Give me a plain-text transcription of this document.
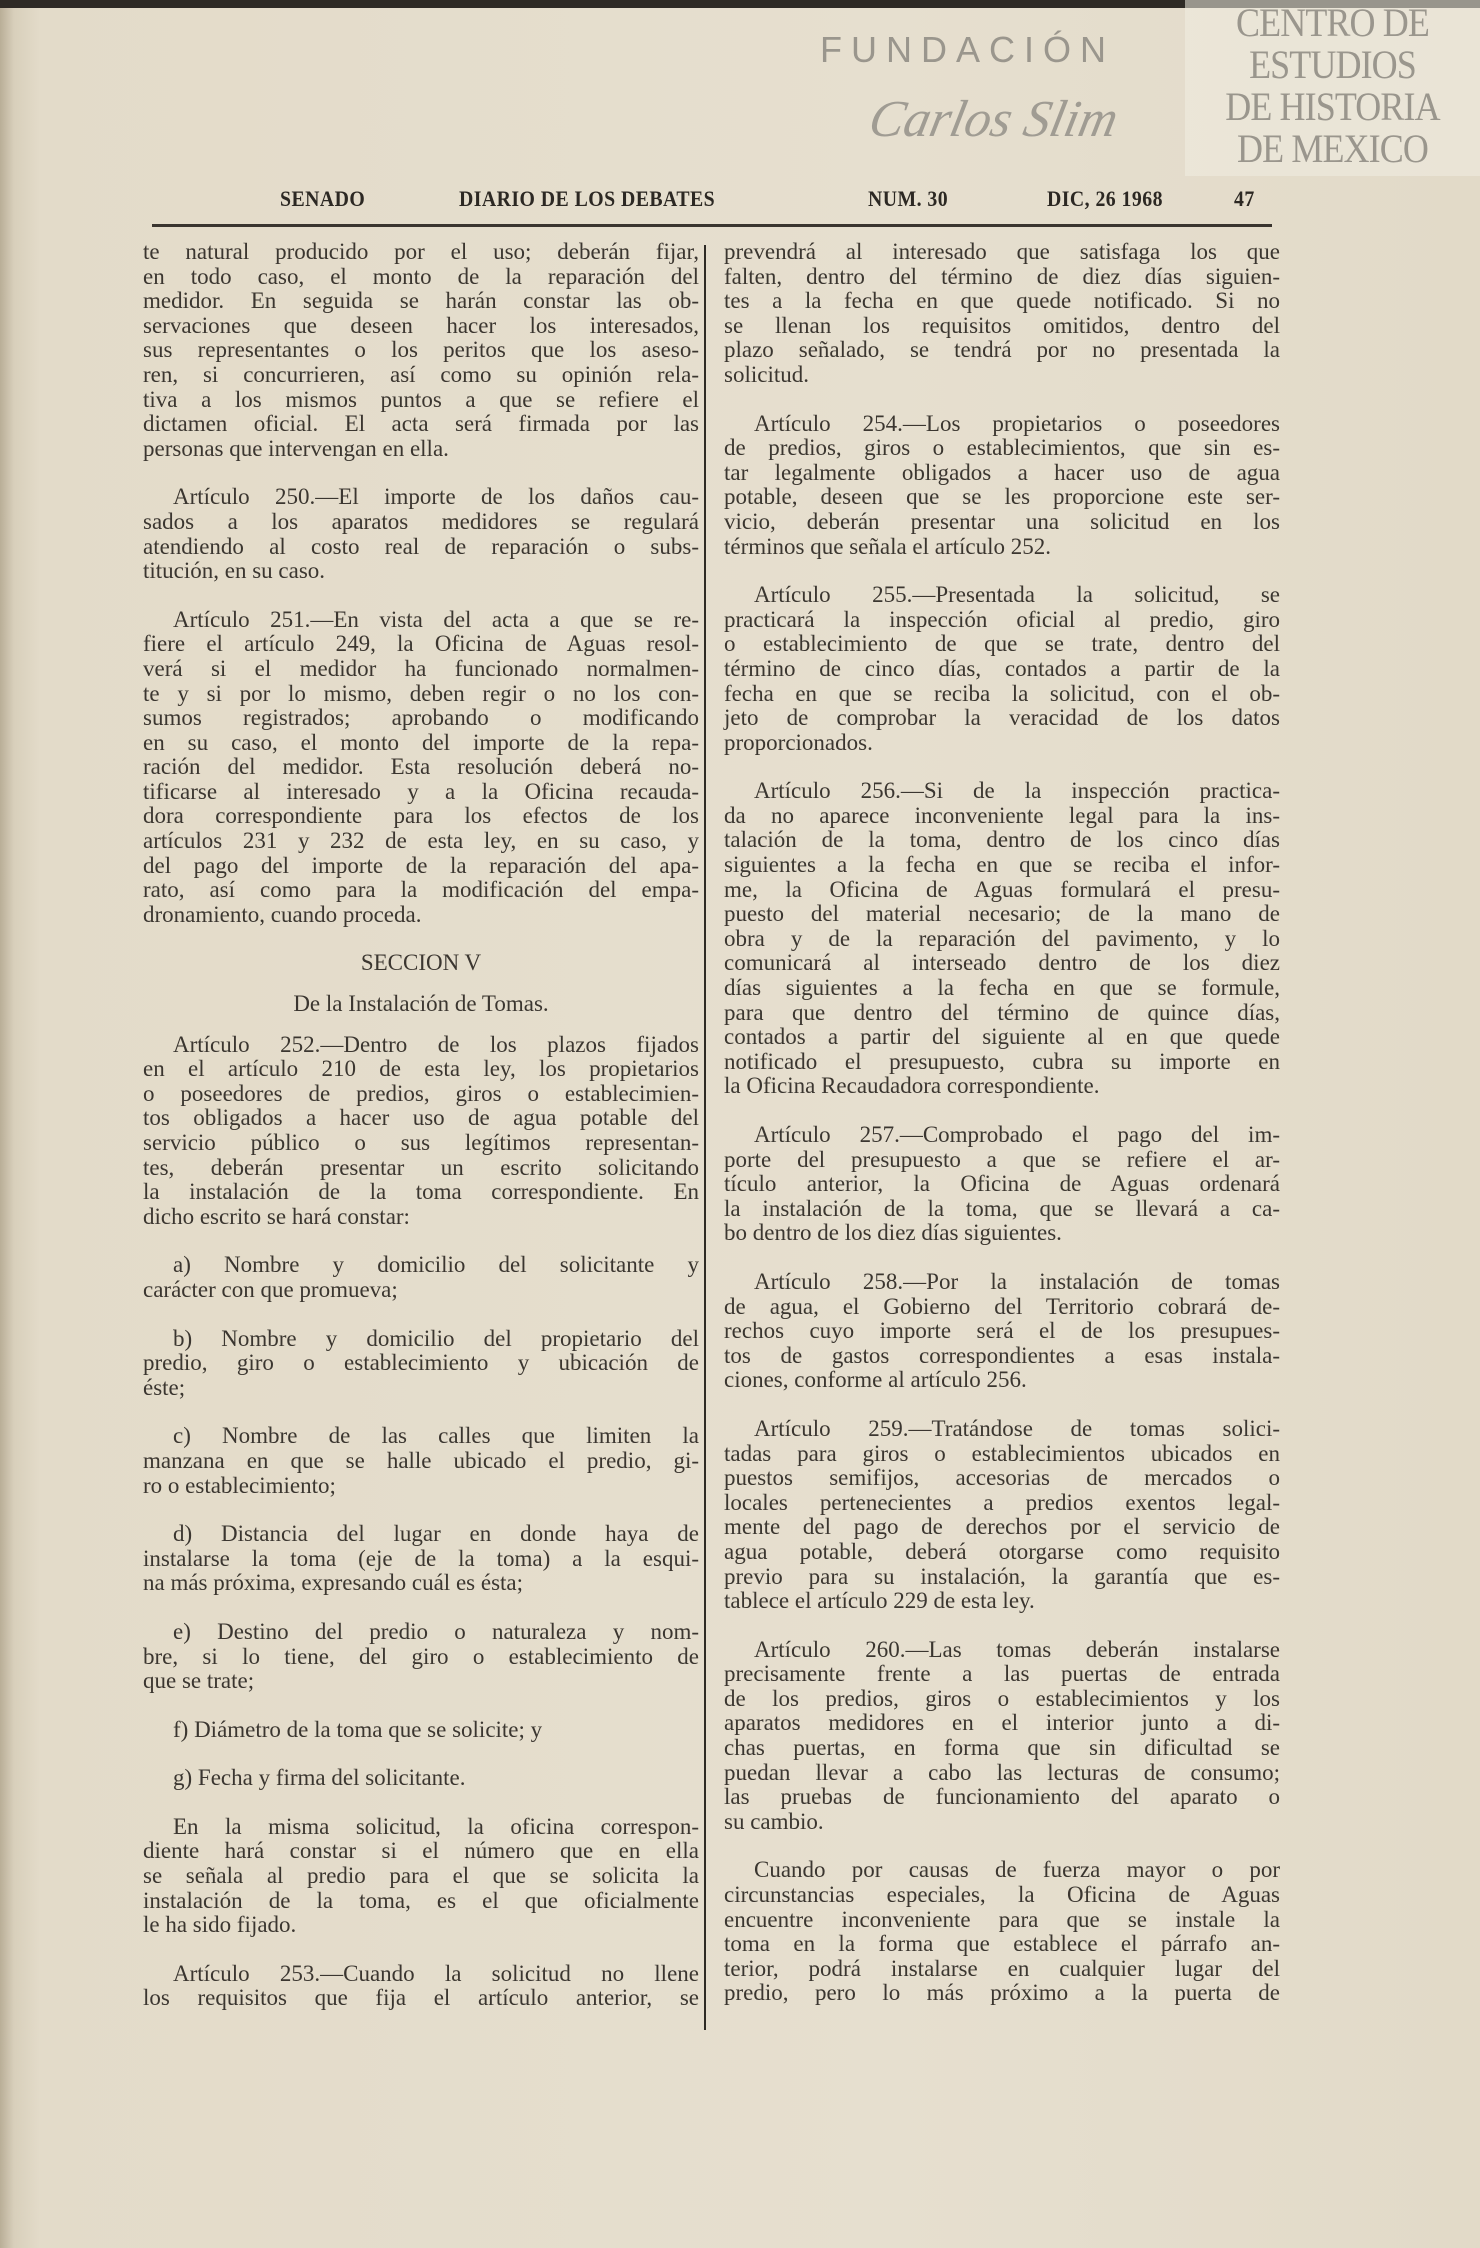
CENTRO DE
ESTUDIOS
DE HISTORIA
DE MEXICO
FUNDACIÓN
Carlos Slim
SENADO	DIARIO DE LOS DEBATES	NUM. 30	DIC, 26 1968	47
te natural producido por el uso; deberán fijar,
en todo caso, el monto de la reparación del
medidor. En seguida se harán constar las ob-
servaciones que deseen hacer los interesados,
sus representantes o los peritos que los aseso-
ren, si concurrieren, así como su opinión rela-
tiva a los mismos puntos a que se refiere el
dictamen oficial. El acta será firmada por las
personas que intervengan en ella.
Artículo 250.—El importe de los daños cau-
sados a los aparatos medidores se regulará
atendiendo al costo real de reparación o subs-
titución, en su caso.
Artículo 251.—En vista del acta a que se re-
fiere el artículo 249, la Oficina de Aguas resol-
verá si el medidor ha funcionado normalmen-
te y si por lo mismo, deben regir o no los con-
sumos registrados; aprobando o modificando
en su caso, el monto del importe de la repa-
ración del medidor. Esta resolución deberá no-
tificarse al interesado y a la Oficina recauda-
dora correspondiente para los efectos de los
artículos 231 y 232 de esta ley, en su caso, y
del pago del importe de la reparación del apa-
rato, así como para la modificación del empa-
dronamiento, cuando proceda.
SECCION V
De la Instalación de Tomas.
Artículo 252.—Dentro de los plazos fijados
en el artículo 210 de esta ley, los propietarios
o poseedores de predios, giros o establecimien-
tos obligados a hacer uso de agua potable del
servicio público o sus legítimos representan-
tes, deberán presentar un escrito solicitando
la instalación de la toma correspondiente. En
dicho escrito se hará constar:
a) Nombre y domicilio del solicitante y
carácter con que promueva;
b) Nombre y domicilio del propietario del
predio, giro o establecimiento y ubicación de
éste;
c) Nombre de las calles que limiten la
manzana en que se halle ubicado el predio, gi-
ro o establecimiento;
d) Distancia del lugar en donde haya de
instalarse la toma (eje de la toma) a la esqui-
na más próxima, expresando cuál es ésta;
e) Destino del predio o naturaleza y nom-
bre, si lo tiene, del giro o establecimiento de
que se trate;
f) Diámetro de la toma que se solicite; y
g) Fecha y firma del solicitante.
En la misma solicitud, la oficina correspon-
diente hará constar si el número que en ella
se señala al predio para el que se solicita la
instalación de la toma, es el que oficialmente
le ha sido fijado.
Artículo 253.—Cuando la solicitud no llene
los requisitos que fija el artículo anterior, se
prevendrá al interesado que satisfaga los que
falten, dentro del término de diez días siguien-
tes a la fecha en que quede notificado. Si no
se llenan los requisitos omitidos, dentro del
plazo señalado, se tendrá por no presentada la
solicitud.
Artículo 254.—Los propietarios o poseedores
de predios, giros o establecimientos, que sin es-
tar legalmente obligados a hacer uso de agua
potable, deseen que se les proporcione este ser-
vicio, deberán presentar una solicitud en los
términos que señala el artículo 252.
Artículo 255.—Presentada la solicitud, se
practicará la inspección oficial al predio, giro
o establecimiento de que se trate, dentro del
término de cinco días, contados a partir de la
fecha en que se reciba la solicitud, con el ob-
jeto de comprobar la veracidad de los datos
proporcionados.
Artículo 256.—Si de la inspección practica-
da no aparece inconveniente legal para la ins-
talación de la toma, dentro de los cinco días
siguientes a la fecha en que se reciba el infor-
me, la Oficina de Aguas formulará el presu-
puesto del material necesario; de la mano de
obra y de la reparación del pavimento, y lo
comunicará al interseado dentro de los diez
días siguientes a la fecha en que se formule,
para que dentro del término de quince días,
contados a partir del siguiente al en que quede
notificado el presupuesto, cubra su importe en
la Oficina Recaudadora correspondiente.
Artículo 257.—Comprobado el pago del im-
porte del presupuesto a que se refiere el ar-
tículo anterior, la Oficina de Aguas ordenará
la instalación de la toma, que se llevará a ca-
bo dentro de los diez días siguientes.
Artículo 258.—Por la instalación de tomas
de agua, el Gobierno del Territorio cobrará de-
rechos cuyo importe será el de los presupues-
tos de gastos correspondientes a esas instala-
ciones, conforme al artículo 256.
Artículo 259.—Tratándose de tomas solici-
tadas para giros o establecimientos ubicados en
puestos semifijos, accesorias de mercados o
locales pertenecientes a predios exentos legal-
mente del pago de derechos por el servicio de
agua potable, deberá otorgarse como requisito
previo para su instalación, la garantía que es-
tablece el artículo 229 de esta ley.
Artículo 260.—Las tomas deberán instalarse
precisamente frente a las puertas de entrada
de los predios, giros o establecimientos y los
aparatos medidores en el interior junto a di-
chas puertas, en forma que sin dificultad se
puedan llevar a cabo las lecturas de consumo;
las pruebas de funcionamiento del aparato o
su cambio.
Cuando por causas de fuerza mayor o por
circunstancias especiales, la Oficina de Aguas
encuentre inconveniente para que se instale la
toma en la forma que establece el párrafo an-
terior, podrá instalarse en cualquier lugar del
predio, pero lo más próximo a la puerta de
